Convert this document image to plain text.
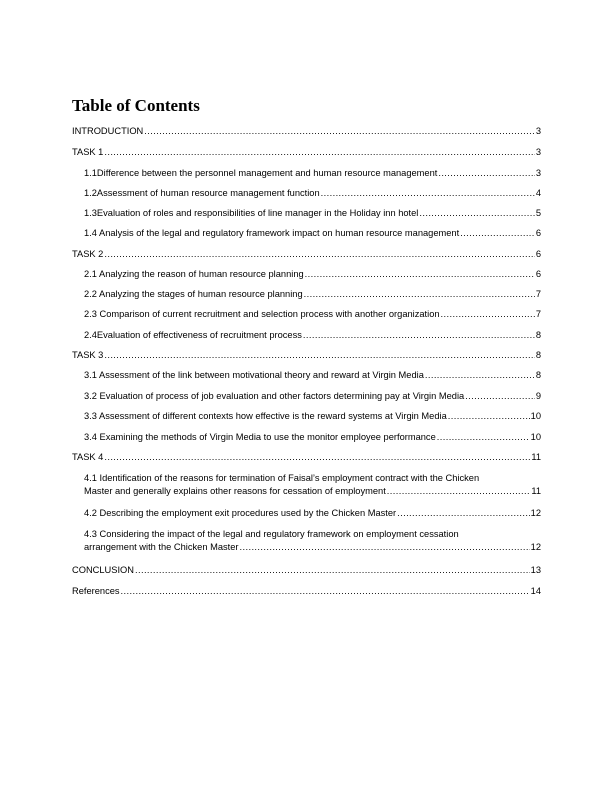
Table of Contents
INTRODUCTION .....	3
TASK 1 .....	3
1.1Difference between the personnel management and human resource management .....	3
1.2Assessment of human resource management function .....	4
1.3Evaluation of roles and responsibilities of line manager in the Holiday inn hotel .....	5
1.4 Analysis of the legal and regulatory framework impact on human resource management .....	6
TASK 2 .....	6
2.1 Analyzing the reason of human resource planning .....	6
2.2 Analyzing the stages of human resource planning .....	7
2.3 Comparison of current recruitment and selection process with another organization .....	7
2.4Evaluation of effectiveness of recruitment process .....	8
TASK 3 .....	8
3.1 Assessment of the link between motivational theory and reward at Virgin Media .....	8
3.2 Evaluation of process of job evaluation and other factors determining pay at Virgin Media .....	9
3.3 Assessment of different contexts how effective is the reward systems at Virgin Media .....	10
3.4 Examining the methods of Virgin Media to use the monitor employee performance .....	10
TASK 4 .....	11
4.1 Identification of the reasons for termination of Faisal’s employment contract with the Chicken
Master and generally explains other reasons for cessation of employment .....	11
4.2 Describing the employment exit procedures used by the Chicken Master .....	12
4.3 Considering the impact of the legal and regulatory framework on employment cessation
arrangement with the Chicken Master .....	12
CONCLUSION .....	13
References .....	14
